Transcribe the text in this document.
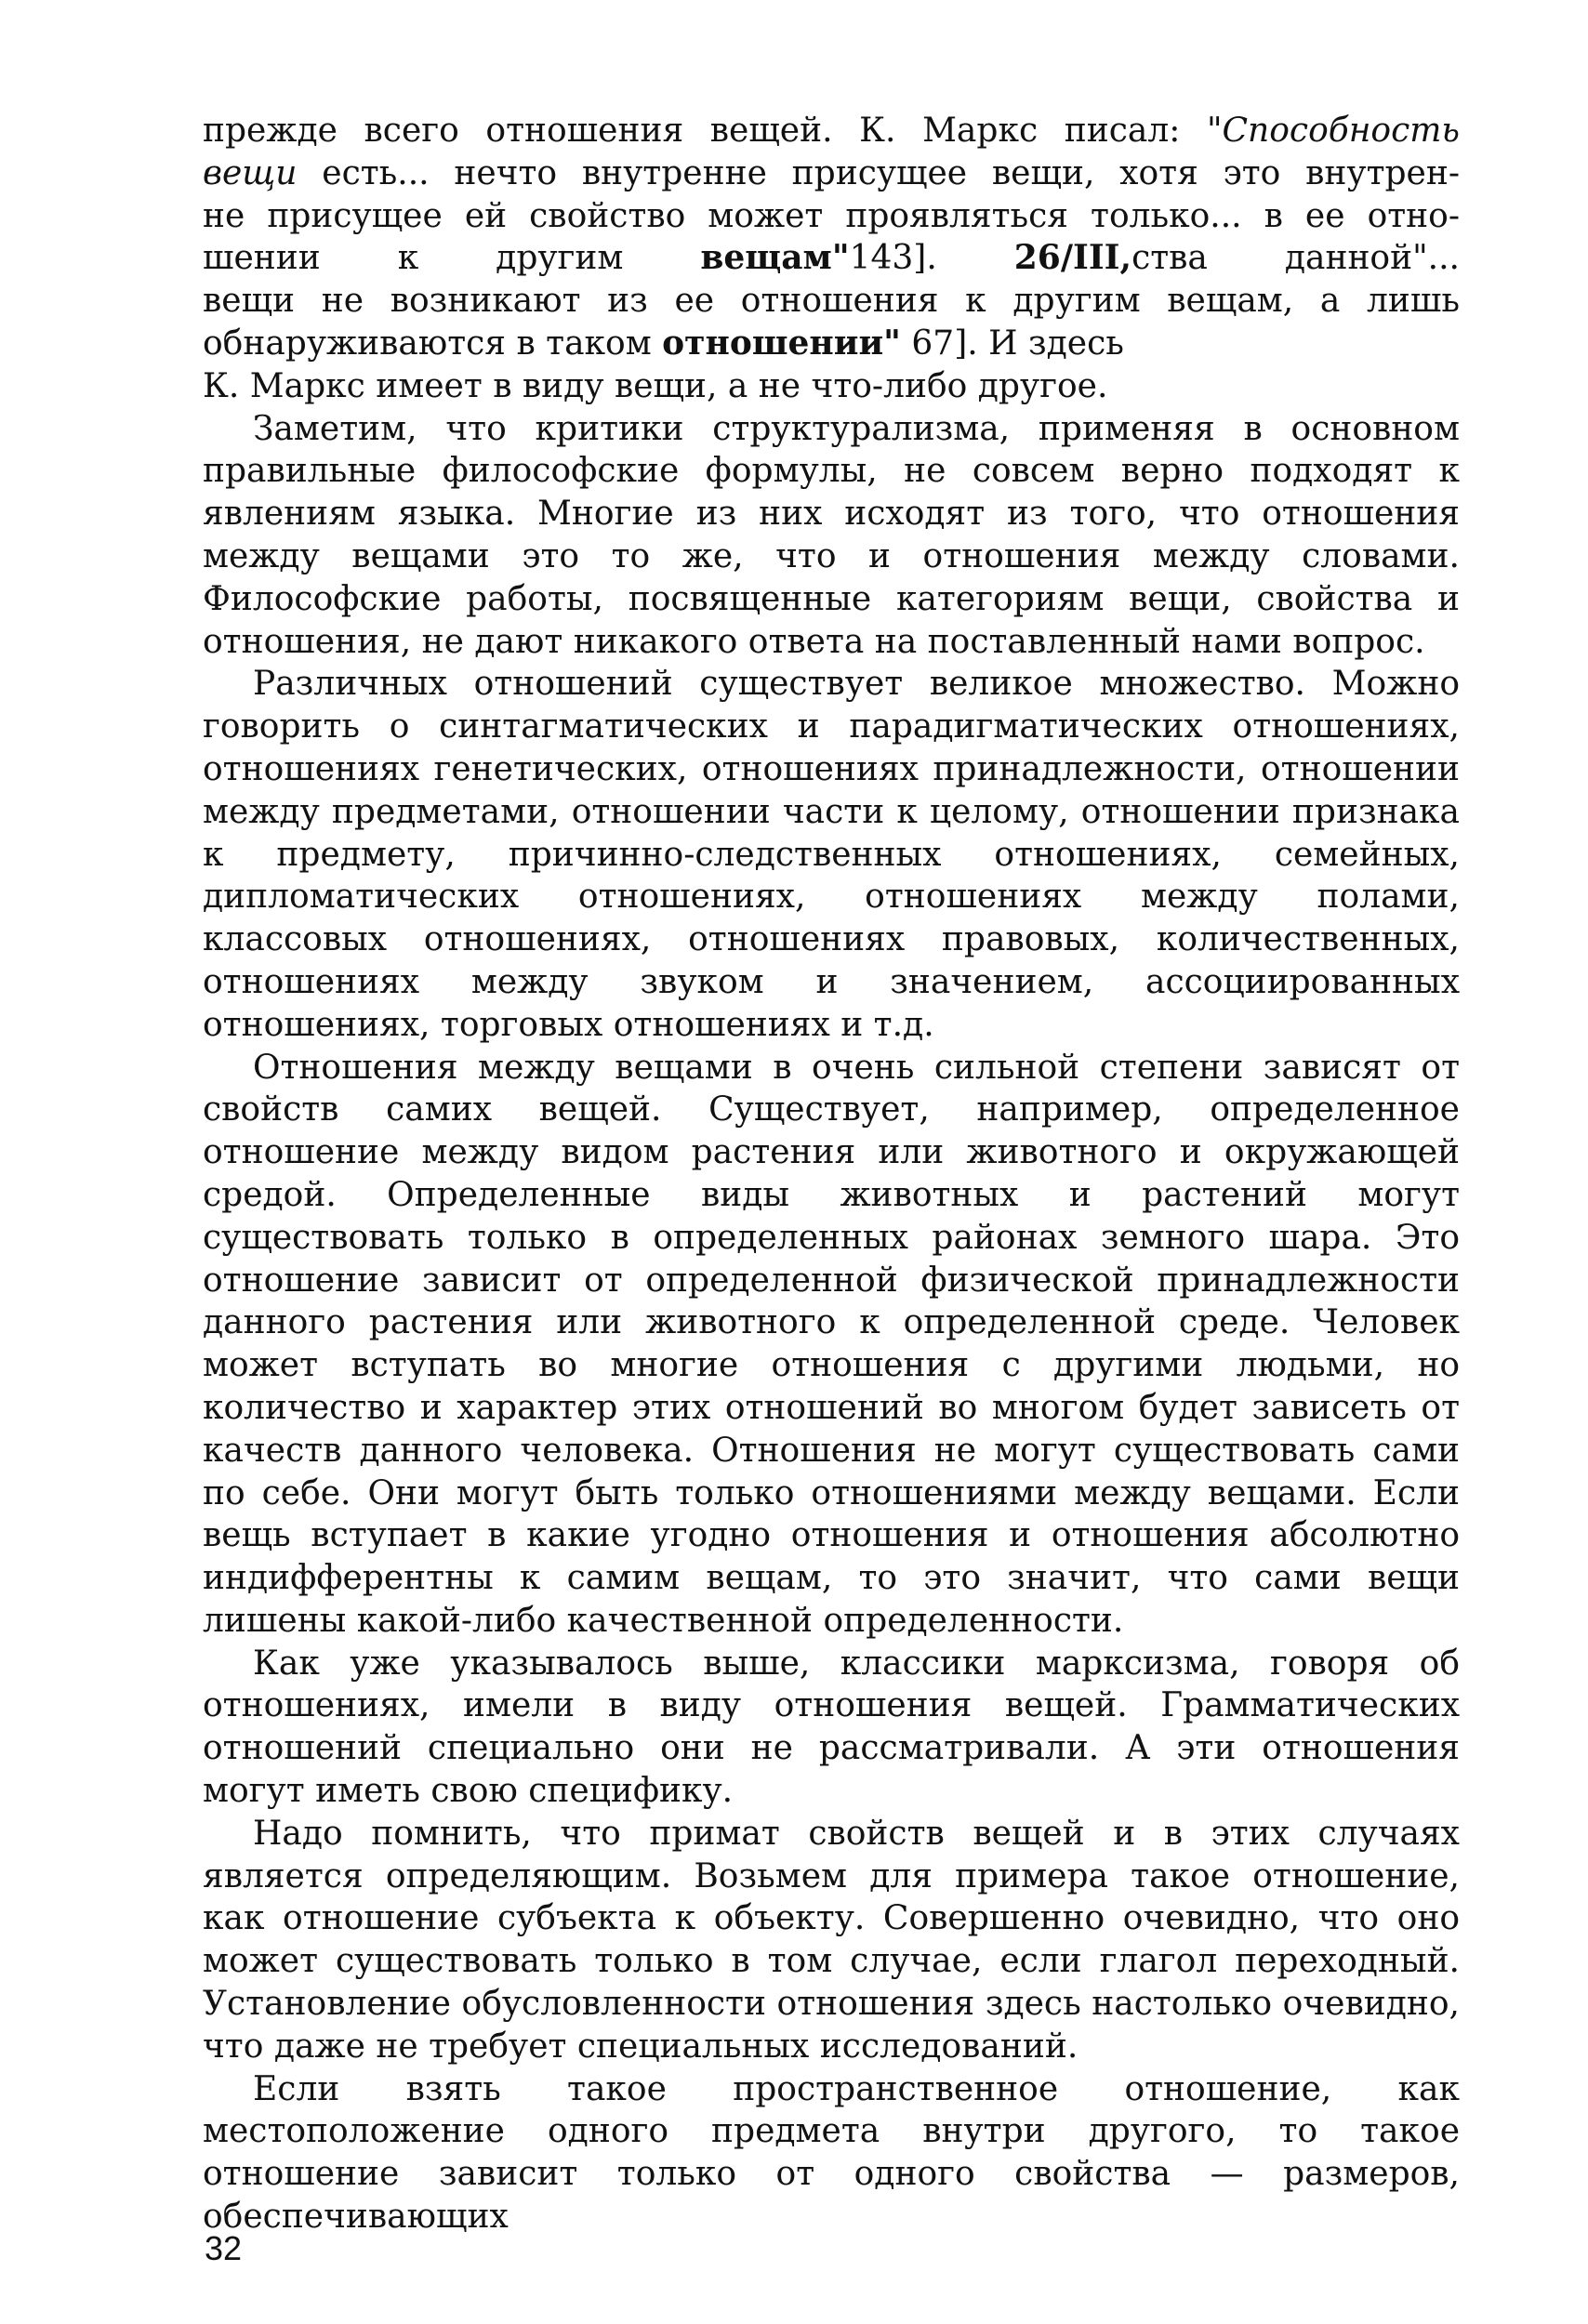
прежде всего отношения вещей. К. Маркс писал: "Способность
вещи есть... нечто внутренне присущее вещи, хотя это внутрен-
не присущее ей свойство может проявляться только... в ее отно-
шении к другим вещам"143]. 26/III,ства данной"...
вещи не возникают из ее отношения к другим вещам, а лишь
обнаруживаются в таком отношении" 67]. И здесь
К. Маркс имеет в виду вещи, а не что-либо другое.

Заметим, что критики структурализма, применяя в основном правильные философские формулы, не совсем верно подходят к явлениям языка. Многие из них исходят из того, что отношения между вещами это то же, что и отношения между словами. Философские работы, посвященные категориям вещи, свойства и отношения, не дают никакого ответа на поставленный нами вопрос.

Различных отношений существует великое множество. Можно говорить о синтагматических и парадигматических отношениях, отношениях генетических, отношениях принадлежности, отношении между предметами, отношении части к целому, отношении признака к предмету, причинно-следственных отношениях, семейных, дипломатических отношениях, отношениях между полами, классовых отношениях, отношениях правовых, количественных, отношениях между звуком и значением, ассоциированных отношениях, торговых отношениях и т.д.

Отношения между вещами в очень сильной степени зависят от свойств самих вещей. Существует, например, определенное отношение между видом растения или животного и окружающей средой. Определенные виды животных и растений могут существовать только в определенных районах земного шара. Это отношение зависит от определенной физической принадлежности данного растения или животного к определенной среде. Человек может вступать во многие отношения с другими людьми, но количество и характер этих отношений во многом будет зависеть от качеств данного человека. Отношения не могут существовать сами по себе. Они могут быть только отношениями между вещами. Если вещь вступает в какие угодно отношения и отношения абсолютно индифферентны к самим вещам, то это значит, что сами вещи лишены какой-либо качественной определенности.

Как уже указывалось выше, классики марксизма, говоря об отношениях, имели в виду отношения вещей. Грамматических отношений специально они не рассматривали. А эти отношения могут иметь свою специфику.

Надо помнить, что примат свойств вещей и в этих случаях является определяющим. Возьмем для примера такое отношение, как отношение субъекта к объекту. Совершенно очевидно, что оно может существовать только в том случае, если глагол переходный. Установление обусловленности отношения здесь настолько очевидно, что даже не требует специальных исследований.

Если взять такое пространственное отношение, как местоположение одного предмета внутри другого, то такое отношение зависит только от одного свойства — размеров, обеспечивающих

32
